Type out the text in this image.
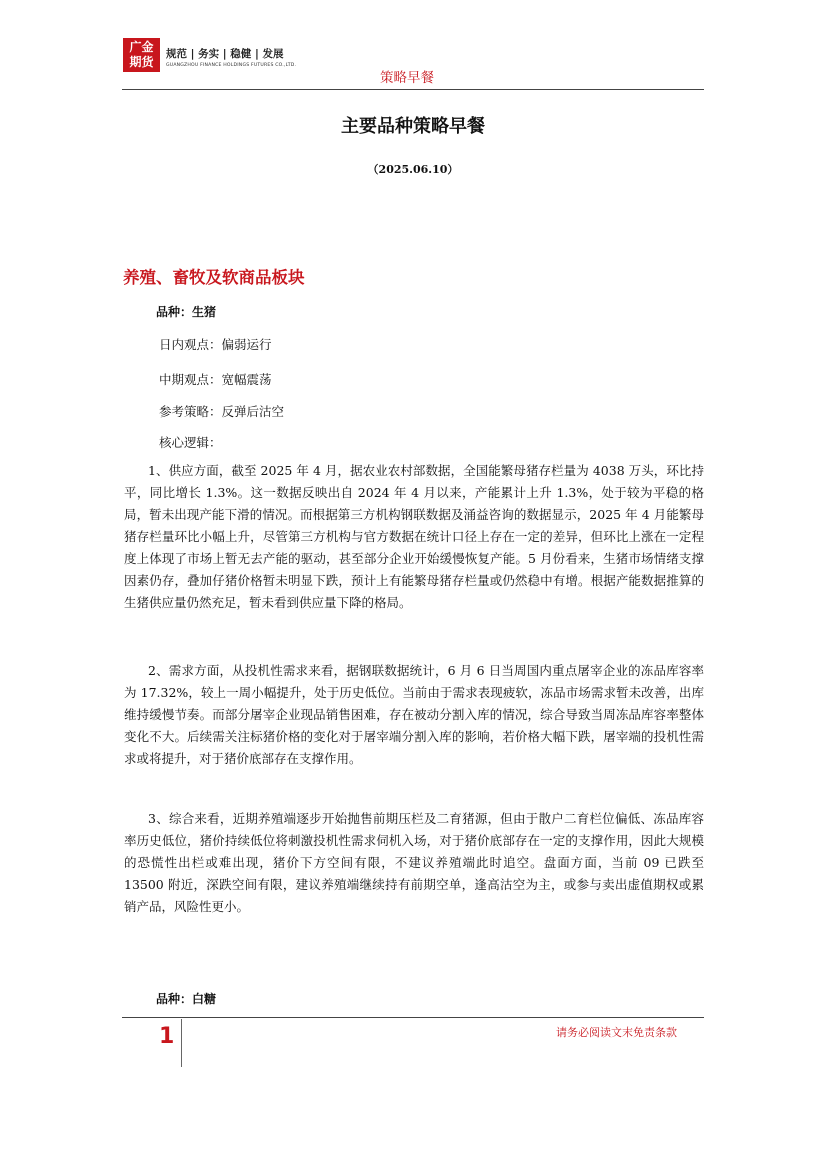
广金
期货
规范 | 务实 | 稳健 | 发展
GUANGZHOU FINANCE HOLDINGS FUTURES CO.,LTD.
策略早餐
主要品种策略早餐
（2025.06.10）
养殖、畜牧及软商品板块
品种：生猪
日内观点：偏弱运行
中期观点：宽幅震荡
参考策略：反弹后沽空
核心逻辑：
1、供应方面，截至 2025 年 4 月，据农业农村部数据，全国能繁母猪存栏量为 4038 万头，环比持平，同比增长 1.3%。这一数据反映出自 2024 年 4 月以来，产能累计上升 1.3%，处于较为平稳的格局，暂未出现产能下滑的情况。而根据第三方机构钢联数据及涌益咨询的数据显示，2025 年 4 月能繁母猪存栏量环比小幅上升，尽管第三方机构与官方数据在统计口径上存在一定的差异，但环比上涨在一定程度上体现了市场上暂无去产能的驱动，甚至部分企业开始缓慢恢复产能。5 月份看来，生猪市场情绪支撑因素仍存，叠加仔猪价格暂未明显下跌，预计上有能繁母猪存栏量或仍然稳中有增。根据产能数据推算的生猪供应量仍然充足，暂未看到供应量下降的格局。
2、需求方面，从投机性需求来看，据钢联数据统计，6 月 6 日当周国内重点屠宰企业的冻品库容率为 17.32%，较上一周小幅提升，处于历史低位。当前由于需求表现疲软，冻品市场需求暂未改善，出库维持缓慢节奏。而部分屠宰企业现品销售困难，存在被动分割入库的情况，综合导致当周冻品库容率整体变化不大。后续需关注标猪价格的变化对于屠宰端分割入库的影响，若价格大幅下跌，屠宰端的投机性需求或将提升，对于猪价底部存在支撑作用。
3、综合来看，近期养殖端逐步开始抛售前期压栏及二育猪源，但由于散户二育栏位偏低、冻品库容率历史低位，猪价持续低位将刺激投机性需求伺机入场，对于猪价底部存在一定的支撑作用，因此大规模的恐慌性出栏或难出现，猪价下方空间有限，不建议养殖端此时追空。盘面方面，当前 09 已跌至 13500 附近，深跌空间有限，建议养殖端继续持有前期空单，逢高沽空为主，或参与卖出虚值期权或累销产品，风险性更小。
品种：白糖
1	请务必阅读文末免责条款
